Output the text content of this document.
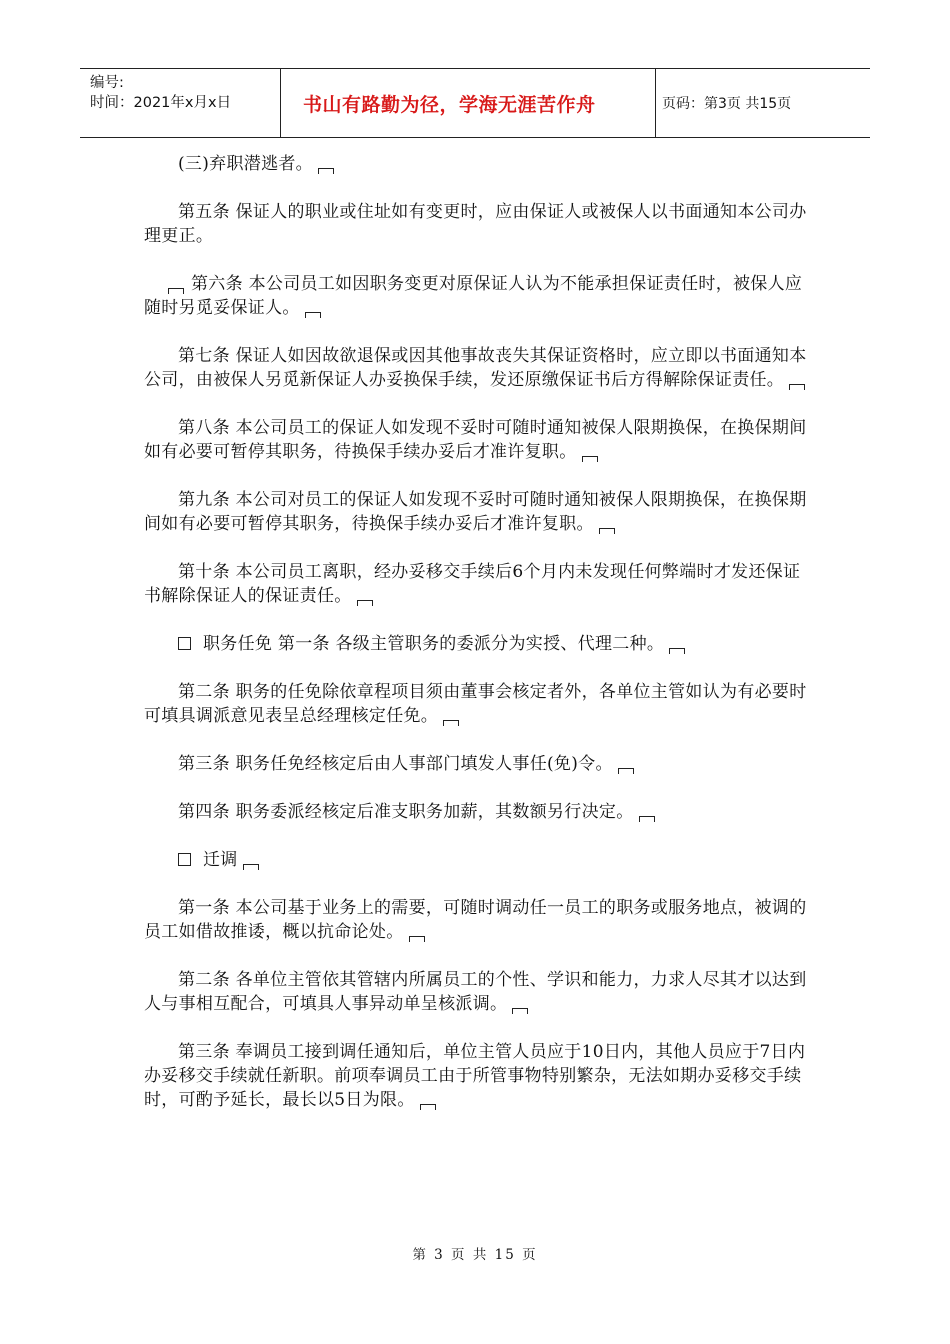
编号:
时间：2021年x月x日	书山有路勤为径，学海无涯苦作舟	页码：第3页 共15页

(三)弃职潜逃者。

第五条 保证人的职业或住址如有变更时，应由保证人或被保人以书面通知本公司办理更正。

第六条 本公司员工如因职务变更对原保证人认为不能承担保证责任时，被保人应随时另觅妥保证人。

第七条 保证人如因故欲退保或因其他事故丧失其保证资格时，应立即以书面通知本公司，由被保人另觅新保证人办妥换保手续，发还原缴保证书后方得解除保证责任。

第八条 本公司员工的保证人如发现不妥时可随时通知被保人限期换保，在换保期间如有必要可暂停其职务，待换保手续办妥后才准许复职。

第九条 本公司对员工的保证人如发现不妥时可随时通知被保人限期换保，在换保期间如有必要可暂停其职务，待换保手续办妥后才准许复职。

第十条 本公司员工离职，经办妥移交手续后6个月内未发现任何弊端时才发还保证书解除保证人的保证责任。

职务任免 第一条 各级主管职务的委派分为实授、代理二种。

第二条 职务的任免除依章程项目须由董事会核定者外，各单位主管如认为有必要时可填具调派意见表呈总经理核定任免。

第三条 职务任免经核定后由人事部门填发人事任(免)令。

第四条 职务委派经核定后准支职务加薪，其数额另行决定。

迁调

第一条 本公司基于业务上的需要，可随时调动任一员工的职务或服务地点，被调的员工如借故推诿，概以抗命论处。

第二条 各单位主管依其管辖内所属员工的个性、学识和能力，力求人尽其才以达到人与事相互配合，可填具人事异动单呈核派调。

第三条 奉调员工接到调任通知后，单位主管人员应于10日内，其他人员应于7日内办妥移交手续就任新职。前项奉调员工由于所管事物特别繁杂，无法如期办妥移交手续时，可酌予延长，最长以5日为限。

第 3 页 共 15 页
